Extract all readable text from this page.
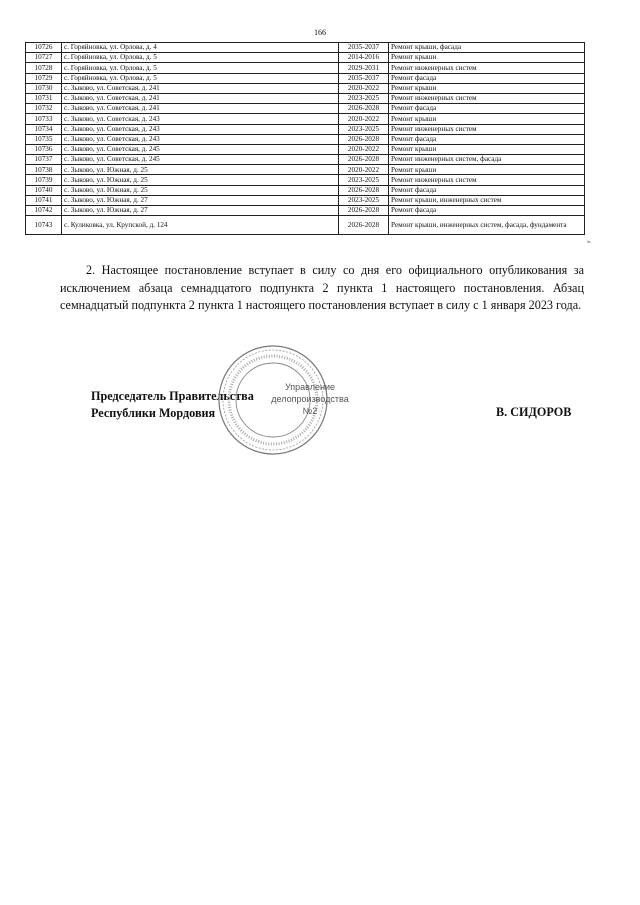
166
10726	с. Горяйновка, ул. Орлова, д. 4	2035-2037	Ремонт крыши, фасада
10727	с. Горяйновка, ул. Орлова, д. 5	2014-2016	Ремонт крыши
10728	с. Горяйновка, ул. Орлова, д. 5	2029-2031	Ремонт инженерных систем
10729	с. Горяйновка, ул. Орлова, д. 5	2035-2037	Ремонт фасада
10730	с. Зыково, ул. Советская, д. 241	2020-2022	Ремонт крыши
10731	с. Зыково, ул. Советская, д. 241	2023-2025	Ремонт инженерных систем
10732	с. Зыково, ул. Советская, д. 241	2026-2028	Ремонт фасада
10733	с. Зыково, ул. Советская, д. 243	2020-2022	Ремонт крыши
10734	с. Зыково, ул. Советская, д. 243	2023-2025	Ремонт инженерных систем
10735	с. Зыково, ул. Советская, д. 243	2026-2028	Ремонт фасада
10736	с. Зыково, ул. Советская, д. 245	2020-2022	Ремонт крыши
10737	с. Зыково, ул. Советская, д. 245	2026-2028	Ремонт инженерных систем, фасада
10738	с. Зыково, ул. Южная, д. 25	2020-2022	Ремонт крыши
10739	с. Зыково, ул. Южная, д. 25	2023-2025	Ремонт инженерных систем
10740	с. Зыково, ул. Южная, д. 25	2026-2028	Ремонт фасада
10741	с. Зыково, ул. Южная, д. 27	2023-2025	Ремонт крыши, инженерных систем
10742	с. Зыково, ул. Южная, д. 27	2026-2028	Ремонт фасада
10743	с. Куликовка, ул. Крупской, д. 124	2026-2028	Ремонт крыши, инженерных систем, фасада, фундамента
».
2. Настоящее постановление вступает в силу со дня его официального опубликования за исключением абзаца семнадцатого подпункта 2 пункта 1 настоящего постановления. Абзац семнадцатый подпункта 2 пункта 1 настоящего постановления вступает в силу с 1 января 2023 года.
Председатель Правительства
Республики Мордовия	В. СИДОРОВ
Управление
делопроизводства
№2
